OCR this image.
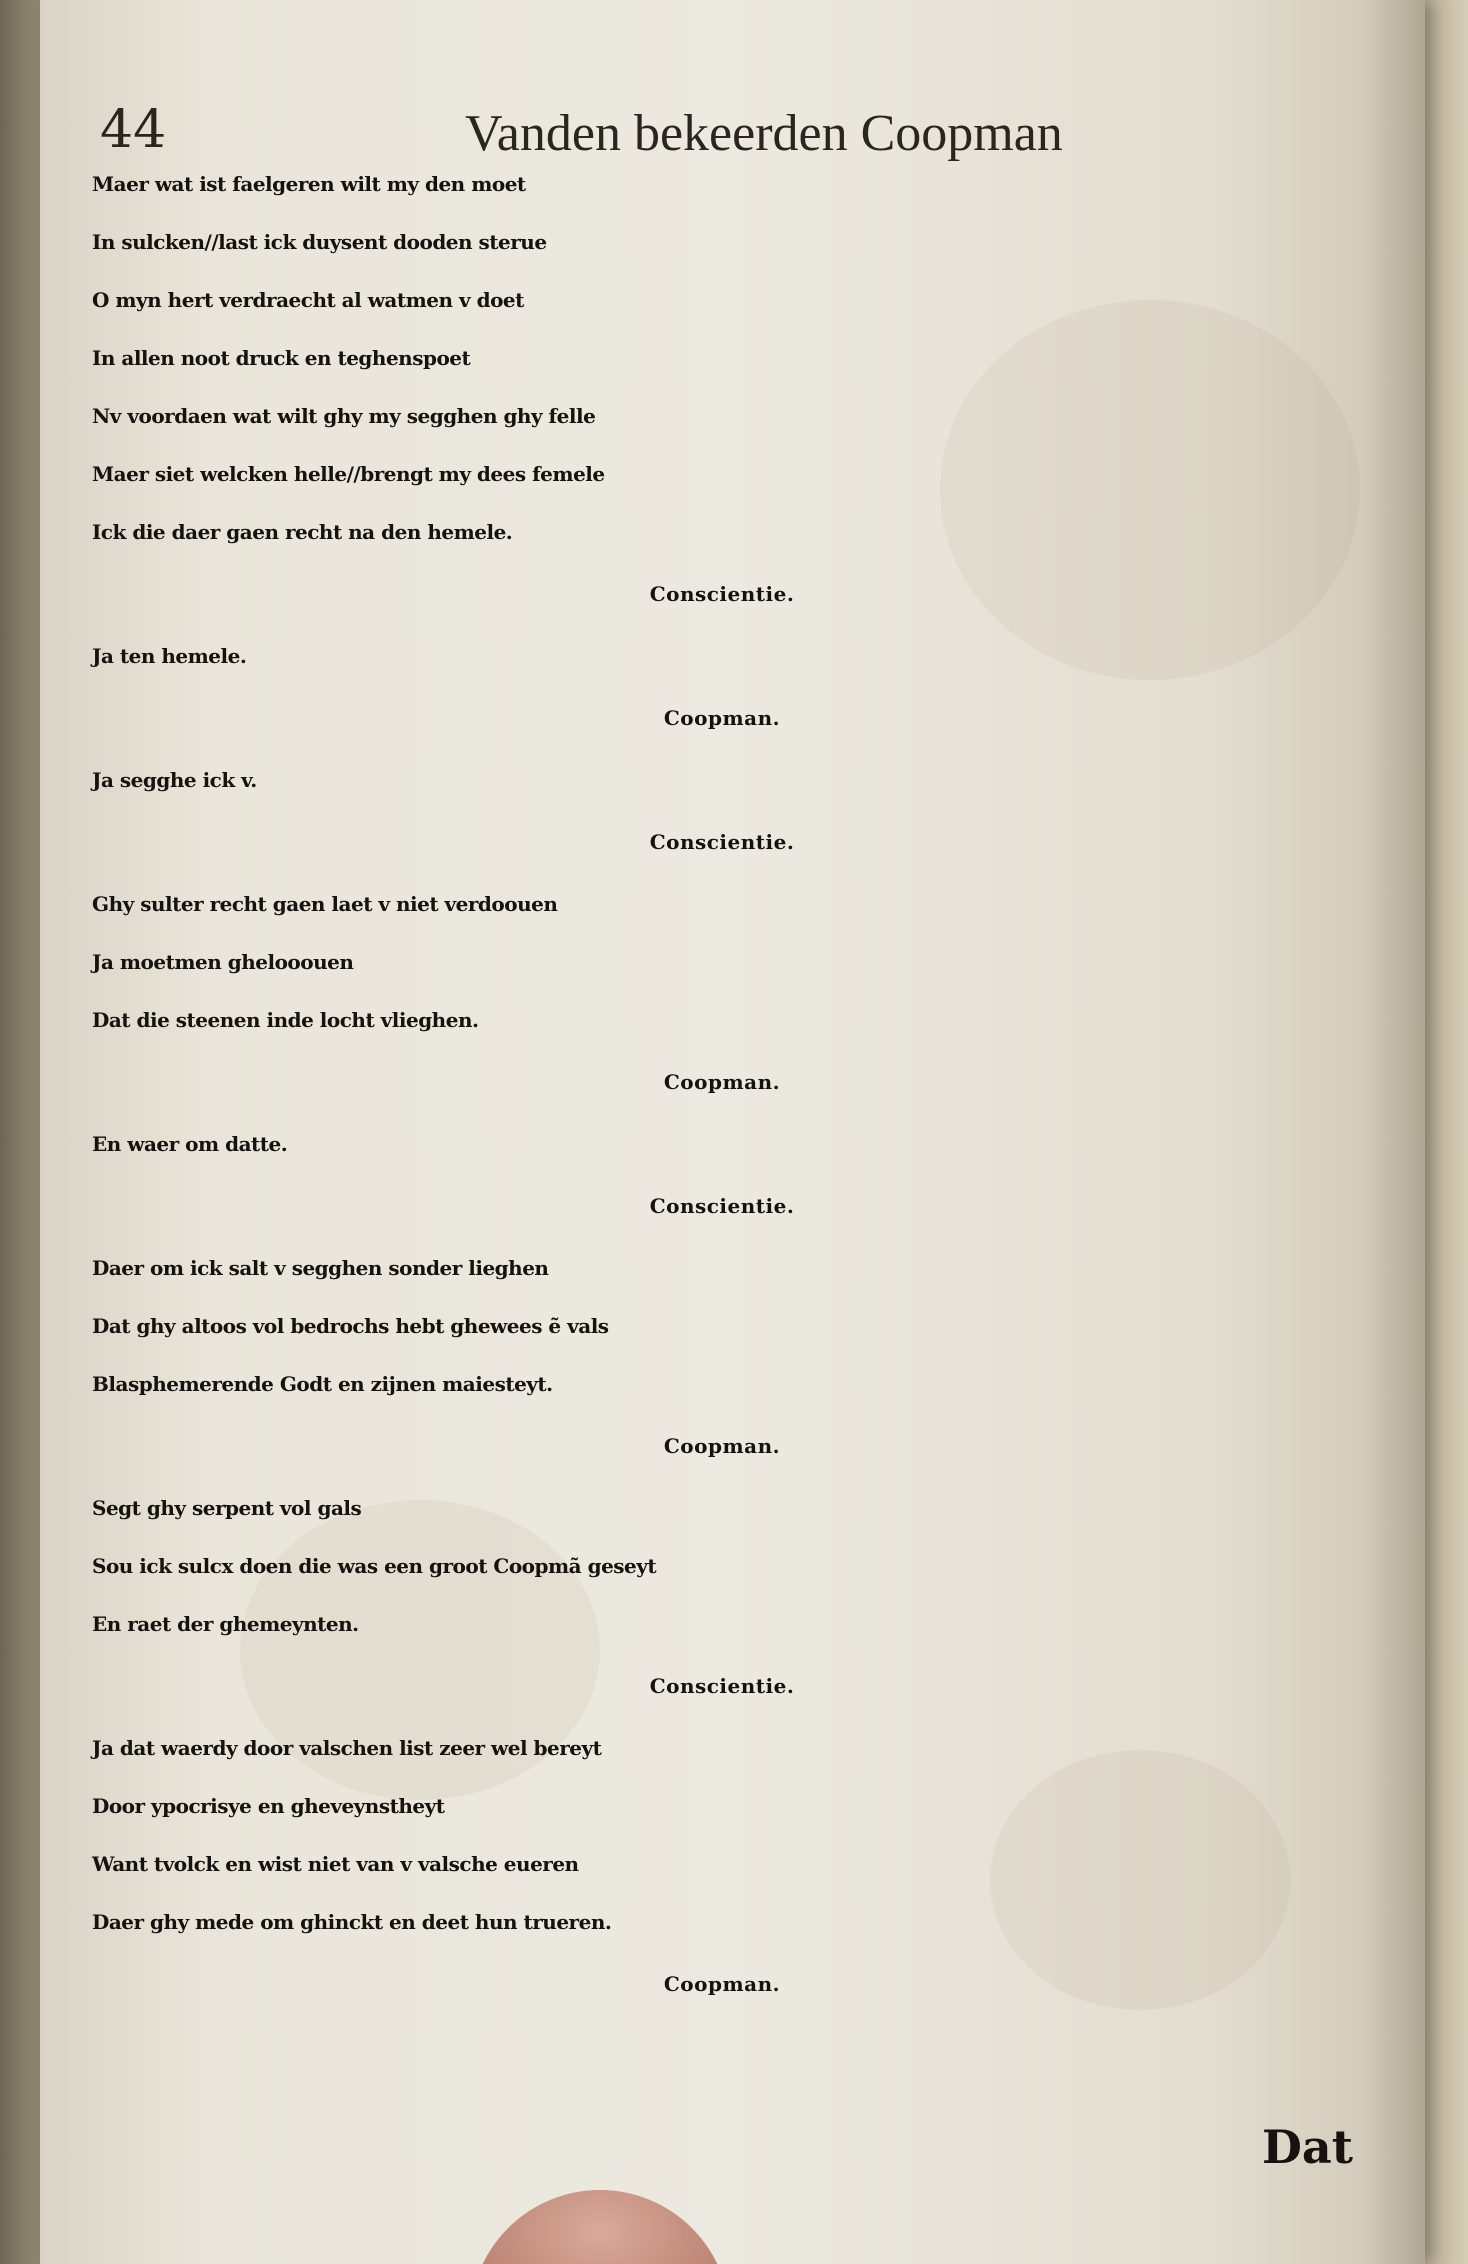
44	Vanden bekeerden Coopman
Maer wat ist faelgeren wilt my den moet
In sulcken//last ick duysent dooden sterue
O myn hert verdraecht al watmen v doet
In allen noot druck en teghenspoet
Nv voordaen wat wilt ghy my segghen ghy felle
Maer siet welcken helle//brengt my dees femele
Ick die daer gaen recht na den hemele.
Conscientie.
Ja ten hemele.
Coopman.
Ja segghe ick v.
Conscientie.
Ghy sulter recht gaen laet v niet verdoouen
Ja moetmen ghelooouen
Dat die steenen inde locht vlieghen.
Coopman.
En waer om datte.
Conscientie.
Daer om ick salt v segghen sonder lieghen
Dat ghy altoos vol bedrochs hebt ghewees ẽ vals
Blasphemerende Godt en zijnen maiesteyt.
Coopman.
Segt ghy serpent vol gals
Sou ick sulcx doen die was een groot Coopmã geseyt
En raet der ghemeynten.
Conscientie.
Ja dat waerdy door valschen list zeer wel bereyt
Door ypocrisye en gheveynstheyt
Want tvolck en wist niet van v valsche eueren
Daer ghy mede om ghinckt en deet hun trueren.
Coopman.
Dat
